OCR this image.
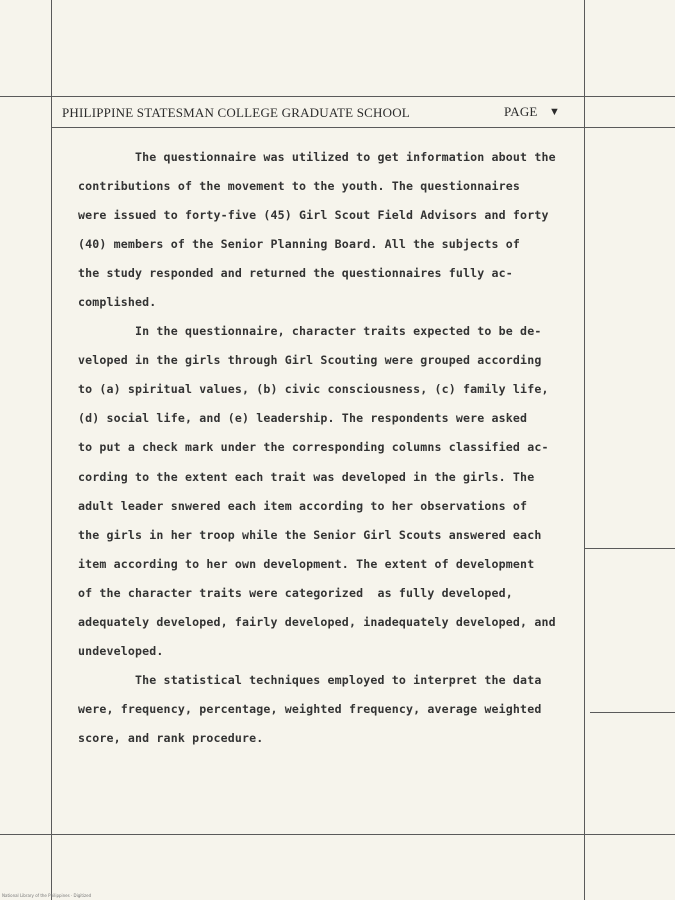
PHILIPPINE STATESMAN COLLEGE GRADUATE SCHOOL	PAGE ▼
The questionnaire was utilized to get information about the
contributions of the movement to the youth. The questionnaires
were issued to forty-five (45) Girl Scout Field Advisors and forty
(40) members of the Senior Planning Board. All the subjects of
the study responded and returned the questionnaires fully ac-
complished.
In the questionnaire, character traits expected to be de-
veloped in the girls through Girl Scouting were grouped according
to (a) spiritual values, (b) civic consciousness, (c) family life,
(d) social life, and (e) leadership. The respondents were asked
to put a check mark under the corresponding columns classified ac-
cording to the extent each trait was developed in the girls. The
adult leader snwered each item according to her observations of
the girls in her troop while the Senior Girl Scouts answered each
item according to her own development. The extent of development
of the character traits were categorized  as fully developed,
adequately developed, fairly developed, inadequately developed, and
undeveloped.
The statistical techniques employed to interpret the data
were, frequency, percentage, weighted frequency, average weighted
score, and rank procedure.
National Library of the Philippines · Digitized
